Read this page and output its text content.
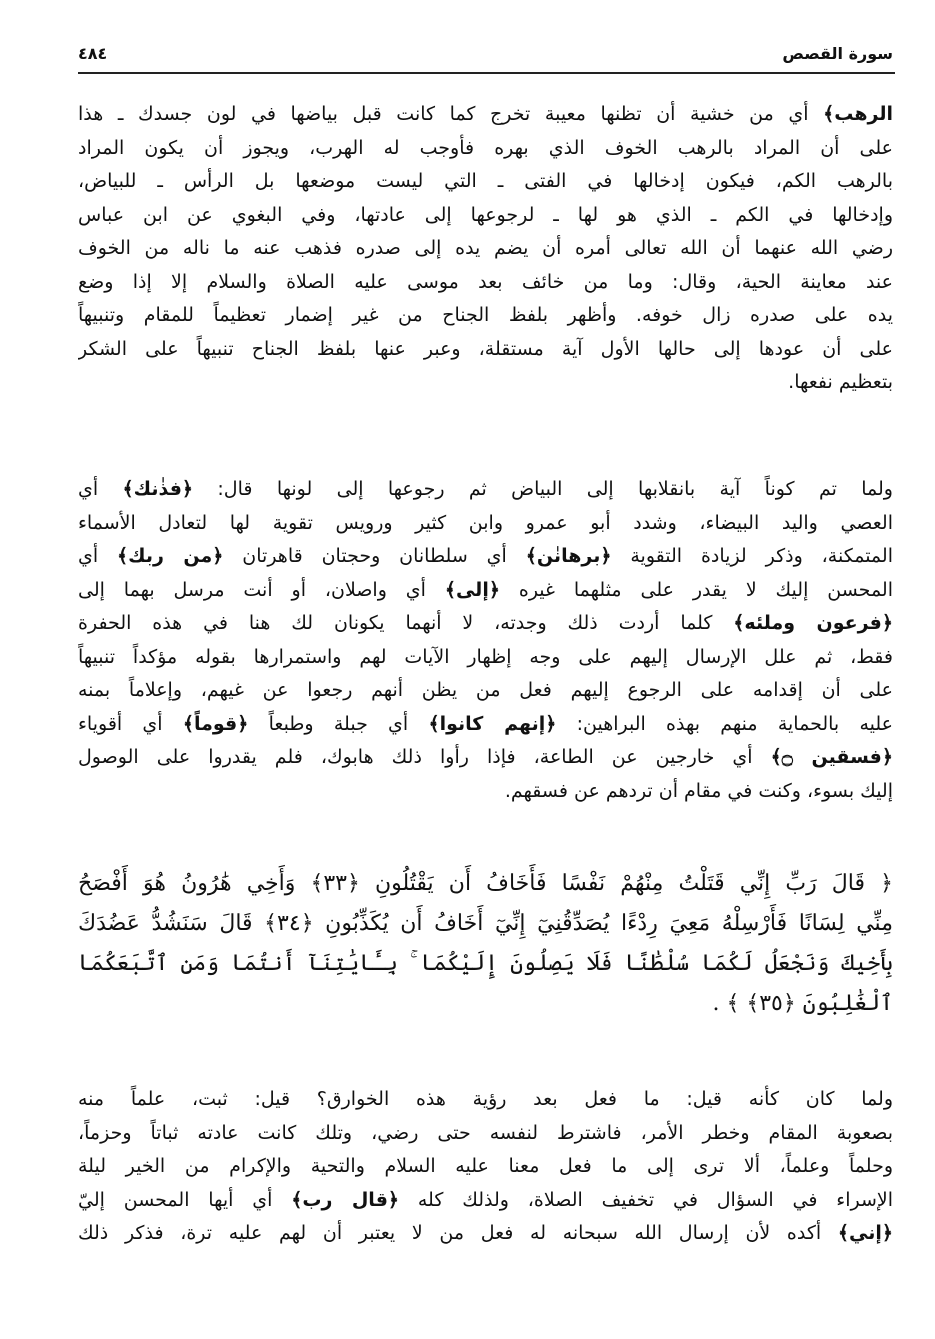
سورة القصص
٤٨٤
الرهب﴾ أي من خشية أن تظنها معيبة تخرج كما كانت قبل بياضها في لون جسدك ـ هذا
على أن المراد بالرهب الخوف الذي بهره فأوجب له الهرب، ويجوز أن يكون المراد
بالرهب الكم، فيكون إدخالها في الفتى ـ التي ليست موضعها بل الرأس ـ للبياض،
وإدخالها في الكم ـ الذي هو لها ـ لرجوعها إلى عادتها، وفي البغوي عن ابن عباس
رضي الله عنهما أن الله تعالى أمره أن يضم يده إلى صدره فذهب عنه ما ناله من الخوف
عند معاينة الحية، وقال: وما من خائف بعد موسى عليه الصلاة والسلام إلا إذا وضع
يده على صدره زال خوفه. وأظهر بلفظ الجناح من غير إضمار تعظيماً للمقام وتنبيهاً
على أن عودها إلى حالها الأول آية مستقلة، وعبر عنها بلفظ الجناح تنبيهاً على الشكر
بتعظيم نفعها.
ولما تم كوناً آية بانقلابها إلى البياض ثم رجوعها إلى لونها قال: ﴿فذٰنك﴾ أي
العصي واليد البيضاء، وشدد أبو عمرو وابن كثير ورويس تقوية لها لتعادل الأسماء
المتمكنة، وذكر لزيادة التقوية ﴿برهانٰن﴾ أي سلطانان وحجتان قاهرتان ﴿من ربك﴾ أي
المحسن إليك لا يقدر على مثلهما غيره ﴿إلى﴾ أي واصلان، أو أنت مرسل بهما إلى
﴿فرعون وملئه﴾ كلما أردت ذلك وجدته، لا أنهما يكونان لك هنا في هذه الحفرة
فقط، ثم علل الإرسال إليهم على وجه إظهار الآيات لهم واستمرارها بقوله مؤكداً تنبيهاً
على أن إقدامه على الرجوع إليهم فعل من يظن أنهم رجعوا عن غيهم، وإعلاماً بمنه
عليه بالحماية منهم بهذه البراهين: ﴿إنهم كانوا﴾ أي جبلة وطبعاً ﴿قوماً﴾ أي أقوياء
﴿فسقين ۝﴾ أي خارجين عن الطاعة، فإذا رأوا ذلك هابوك، فلم يقدروا على الوصول
إليك بسوء، وكنت في مقام أن تردهم عن فسقهم.
﴿ قَالَ رَبِّ إِنِّي قَتَلْتُ مِنْهُمْ نَفْسًا فَأَخَافُ أَن يَقْتُلُونِ ﴿٣٣﴾ وَأَخِي هَٰرُونُ هُوَ أَفْصَحُ
مِنِّي لِسَانًا فَأَرْسِلْهُ مَعِيَ رِدْءًا يُصَدِّقُنِيٓ إِنِّيٓ أَخَافُ أَن يُكَذِّبُونِ ﴿٣٤﴾ قَالَ سَنَشُدُّ عَضُدَكَ
بِأَخِيكَ وَنَجْعَلُ لَكُمَا سُلْطَٰنًا فَلَا يَصِلُونَ إِلَيْكُمَا ۚ بِـَٔايَٰتِنَآ أَنتُمَا وَمَنِ ٱتَّبَعَكُمَا
ٱلْغَٰلِبُونَ ﴿٣٥﴾ ﴾ .
ولما كان كأنه قيل: ما فعل بعد رؤية هذه الخوارق؟ قيل: ثبت، علماً منه
بصعوبة المقام وخطر الأمر، فاشترط لنفسه حتى رضي، وتلك كانت عادته ثباتاً وحزماً،
وحلماً وعلماً، ألا ترى إلى ما فعل معنا عليه السلام والتحية والإكرام من الخير ليلة
الإسراء في السؤال في تخفيف الصلاة، ولذلك كله ﴿قال رب﴾ أي أيها المحسن إليّ
﴿إني﴾ أكده لأن إرسال الله سبحانه له فعل من لا يعتبر أن لهم عليه ترة، فذكر ذلك
